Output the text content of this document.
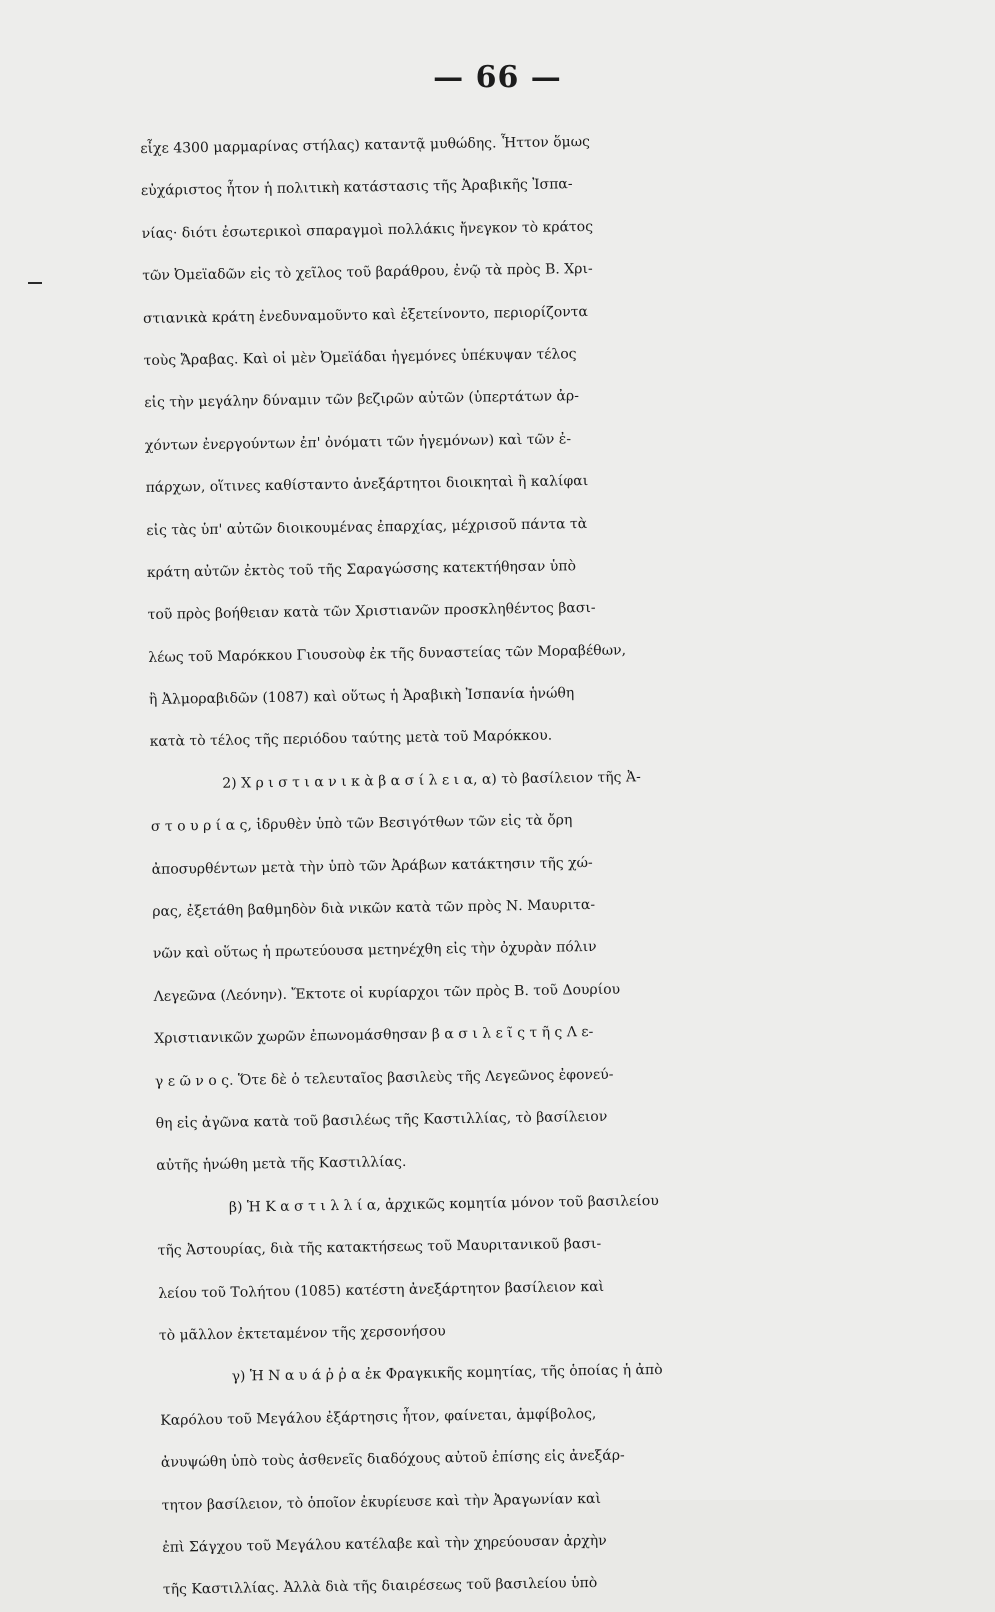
— 66 —
εἶχε 4300 μαρμαρίνας στήλας) καταντᾷ μυθώδης. Ἧττον ὅμως
εὐχάριστος ἦτον ἡ πολιτικὴ κατάστασις τῆς Ἀραβικῆς Ἰσπα-
νίας· διότι ἐσωτερικοὶ σπαραγμοὶ πολλάκις ἤνεγκον τὸ κράτος
τῶν Ὀμεϊαδῶν εἰς τὸ χεῖλος τοῦ βαράθρου, ἐνῷ τὰ πρὸς Β. Χρι-
στιανικὰ κράτη ἐνεδυναμοῦντο καὶ ἐξετείνοντο, περιορίζοντα
τοὺς Ἄραβας. Καὶ οἱ μὲν Ὀμεϊάδαι ἡγεμόνες ὑπέκυψαν τέλος
εἰς τὴν μεγάλην δύναμιν τῶν βεζιρῶν αὐτῶν (ὑπερτάτων ἀρ-
χόντων ἐνεργούντων ἐπ' ὀνόματι τῶν ἡγεμόνων) καὶ τῶν ἐ-
πάρχων, οἵτινες καθίσταντο ἀνεξάρτητοι διοικηταὶ ἢ καλίφαι
εἰς τὰς ὑπ' αὐτῶν διοικουμένας ἐπαρχίας, μέχρισοῦ πάντα τὰ
κράτη αὐτῶν ἐκτὸς τοῦ τῆς Σαραγώσσης κατεκτήθησαν ὑπὸ
τοῦ πρὸς βοήθειαν κατὰ τῶν Χριστιανῶν προσκληθέντος βασι-
λέως τοῦ Μαρόκκου Γιουσοὺφ ἐκ τῆς δυναστείας τῶν Μοραβέθων,
ἢ Ἀλμοραβιδῶν (1087) καὶ οὕτως ἡ Ἀραβικὴ Ἰσπανία ἡνώθη
κατὰ τὸ τέλος τῆς περιόδου ταύτης μετὰ τοῦ Μαρόκκου.
2) Χ ρ ι σ τ ι α ν ι κ ὰ β α σ ί λ ε ι α, α) τὸ βασίλειον τῆς Ἀ-
σ τ ο υ ρ ί α ς, ἱδρυθὲν ὑπὸ τῶν Βεσιγότθων τῶν εἰς τὰ ὄρη
ἀποσυρθέντων μετὰ τὴν ὑπὸ τῶν Ἀράβων κατάκτησιν τῆς χώ-
ρας, ἐξετάθη βαθμηδὸν διὰ νικῶν κατὰ τῶν πρὸς Ν. Μαυριτα-
νῶν καὶ οὕτως ἡ πρωτεύουσα μετηνέχθη εἰς τὴν ὀχυρὰν πόλιν
Λεγεῶνα (Λεόνην). Ἔκτοτε οἱ κυρίαρχοι τῶν πρὸς Β. τοῦ Δουρίου
Χριστιανικῶν χωρῶν ἐπωνομάσθησαν β α σ ι λ ε ῖ ς τ ῆ ς Λ ε-
γ ε ῶ ν ο ς. Ὅτε δὲ ὁ τελευταῖος βασιλεὺς τῆς Λεγεῶνος ἐφονεύ-
θη εἰς ἀγῶνα κατὰ τοῦ βασιλέως τῆς Καστιλλίας, τὸ βασίλειον
αὐτῆς ἡνώθη μετὰ τῆς Καστιλλίας.
β) Ἡ Κ α σ τ ι λ λ ί α, ἀρχικῶς κομητία μόνον τοῦ βασιλείου
τῆς Ἀστουρίας, διὰ τῆς κατακτήσεως τοῦ Μαυριτανικοῦ βασι-
λείου τοῦ Τολήτου (1085) κατέστη ἀνεξάρτητον βασίλειον καὶ
τὸ μᾶλλον ἐκτεταμένον τῆς χερσονήσου
γ) Ἡ Ν α υ ά ῤ ῥ α ἐκ Φραγκικῆς κομητίας, τῆς ὁποίας ἡ ἀπὸ
Καρόλου τοῦ Μεγάλου ἐξάρτησις ἦτον, φαίνεται, ἀμφίβολος,
ἀνυψώθη ὑπὸ τοὺς ἀσθενεῖς διαδόχους αὐτοῦ ἐπίσης εἰς ἀνεξάρ-
τητον βασίλειον, τὸ ὁποῖον ἐκυρίευσε καὶ τὴν Ἀραγωνίαν καὶ
ἐπὶ Σάγχου τοῦ Μεγάλου κατέλαβε καὶ τὴν χηρεύουσαν ἀρχὴν
τῆς Καστιλλίας. Ἀλλὰ διὰ τῆς διαιρέσεως τοῦ βασιλείου ὑπὸ
